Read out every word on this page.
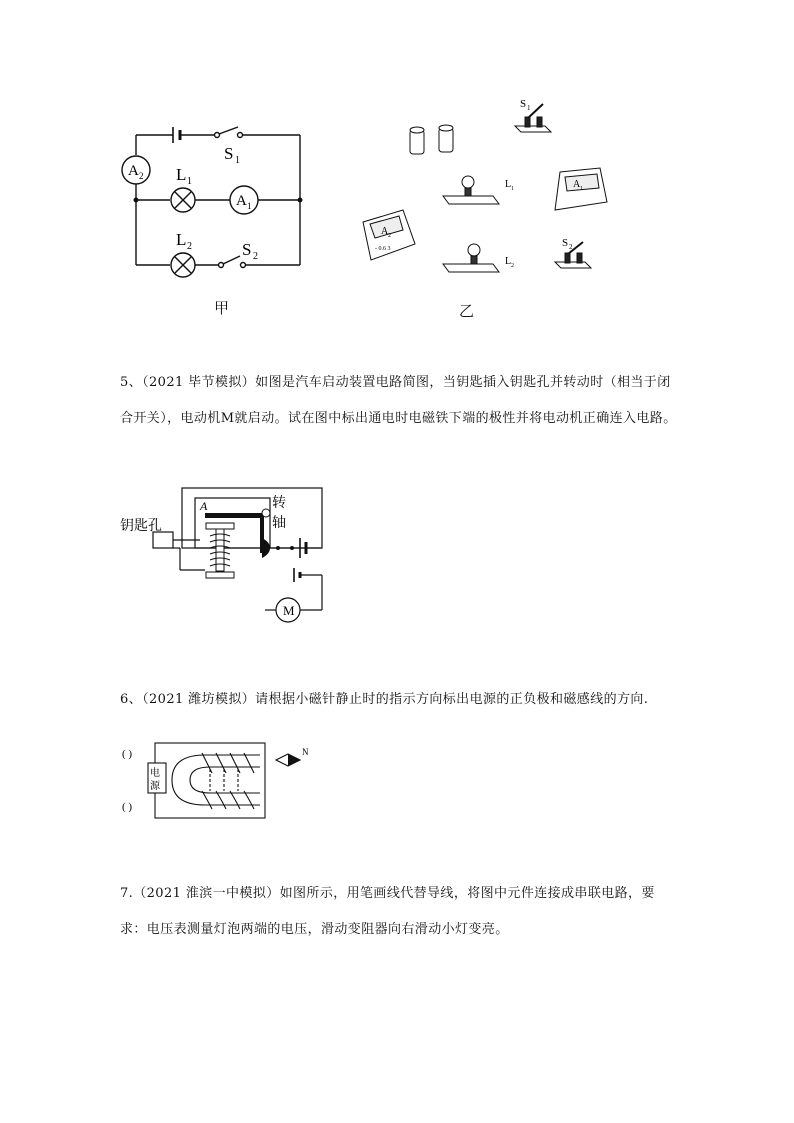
A 2
A 1
L 1
L 2
S 1
S 2
甲
S 1
L 1	A 1
A 2
- 0.6 3
L 2
S 2
乙
5、（2021 毕节模拟）如图是汽车启动装置电路简图，当钥匙插入钥匙孔并转动时（相当于闭合开关），电动机M就启动。试在图中标出通电时电磁铁下端的极性并将电动机正确连入电路。
钥匙孔
A	转
轴
M
6、（2021 潍坊模拟）请根据小磁针静止时的指示方向标出电源的正负极和磁感线的方向.
( )
( )
电
源
N
7.（2021 淮滨一中模拟）如图所示，用笔画线代替导线，将图中元件连接成串联电路，要求：电压表测量灯泡两端的电压，滑动变阻器向右滑动小灯变亮。
